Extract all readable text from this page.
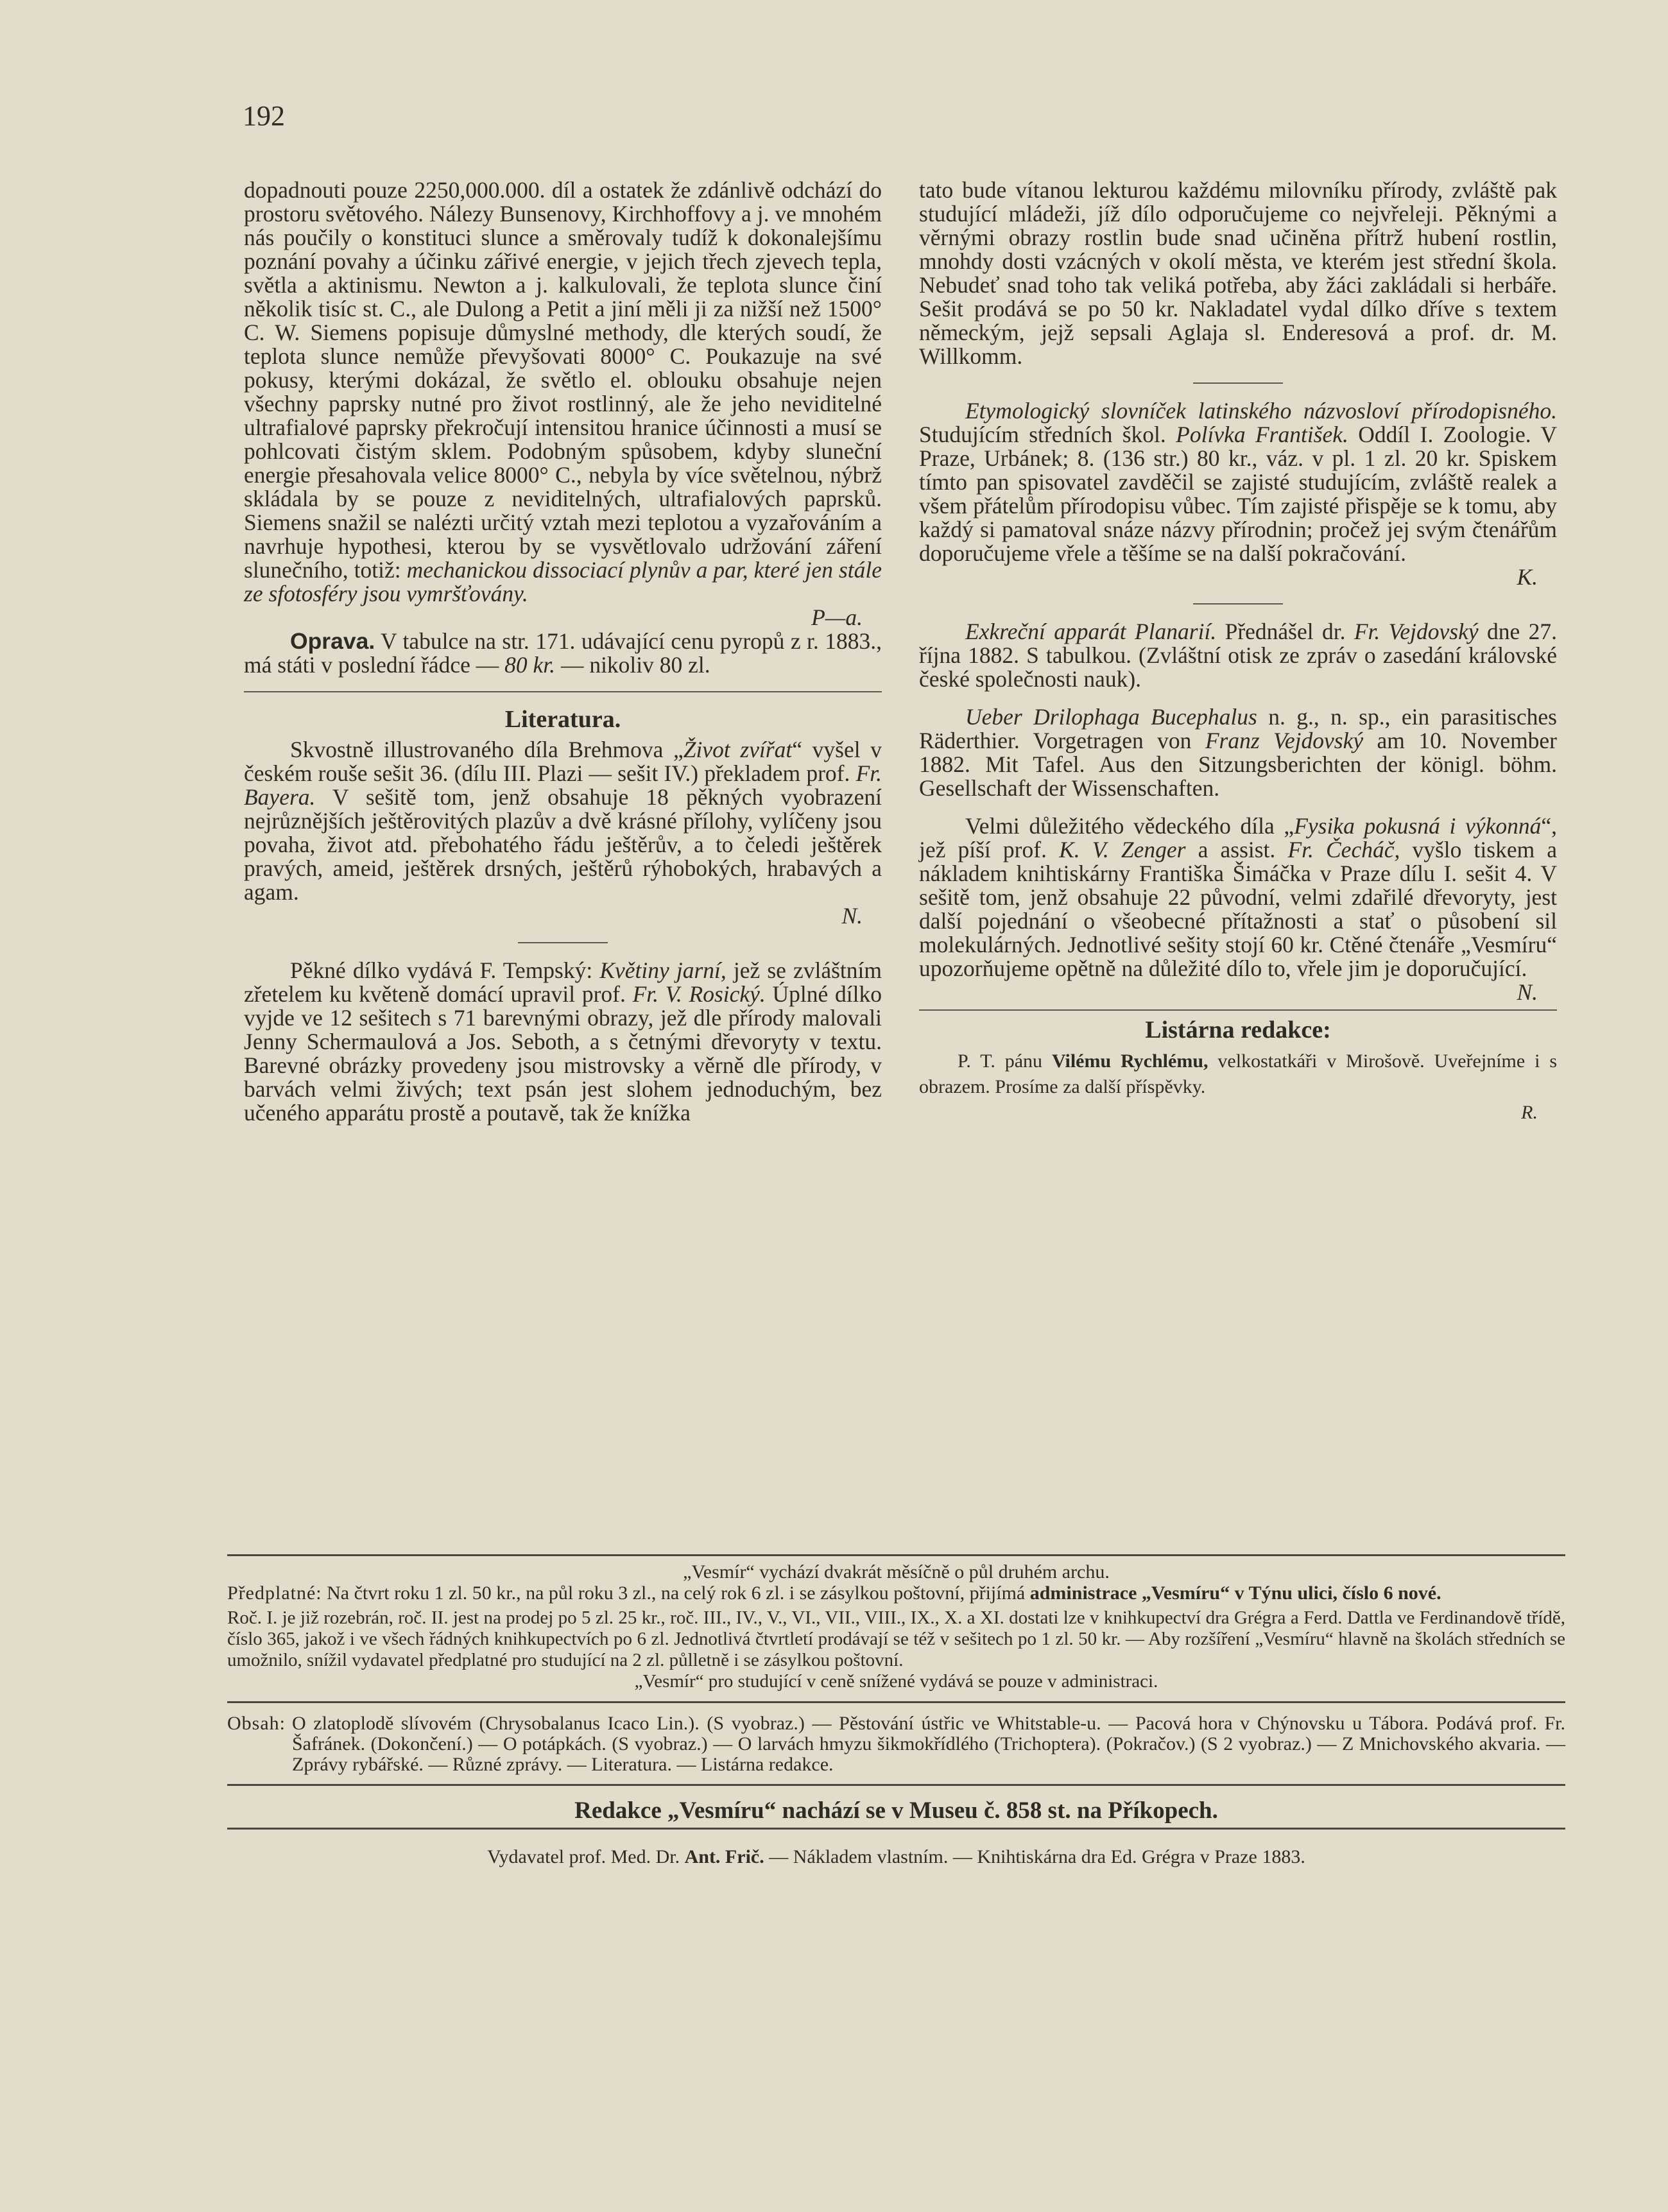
192

dopadnouti pouze 2250,000.000. díl a ostatek že zdánlivě odchází do prostoru světového. Nálezy Bunsenovy, Kirchhoffovy a j. ve mnohém nás poučily o konstituci slunce a směrovaly tudíž k dokonalejšímu poznání povahy a účinku zářivé energie, v jejich třech zjevech tepla, světla a aktinismu. Newton a j. kalkulovali, že teplota slunce činí několik tisíc st. C., ale Dulong a Petit a jiní měli ji za nižší než 1500° C. W. Siemens popisuje důmyslné methody, dle kterých soudí, že teplota slunce nemůže převyšovati 8000° C. Poukazuje na své pokusy, kterými dokázal, že světlo el. oblouku obsahuje nejen všechny paprsky nutné pro život rostlinný, ale že jeho neviditelné ultrafialové paprsky překročují intensitou hranice účinnosti a musí se pohlcovati čistým sklem. Podobným spůsobem, kdyby sluneční energie přesahovala velice 8000° C., nebyla by více světelnou, nýbrž skládala by se pouze z neviditelných, ultrafialových paprsků. Siemens snažil se nalézti určitý vztah mezi teplotou a vyzařováním a navrhuje hypothesi, kterou by se vysvětlovalo udržování záření slunečního, totiž: mechanickou dissociací plynův a par, které jen stále ze sfotosféry jsou vymršťovány.

P—a.

Oprava. V tabulce na str. 171. udávající cenu pyropů z r. 1883., má státi v poslední řádce — 80 kr. — nikoliv 80 zl.

Literatura.

Skvostně illustrovaného díla Brehmova „Život zvířat“ vyšel v českém rouše sešit 36. (dílu III. Plazi — sešit IV.) překladem prof. Fr. Bayera. V sešitě tom, jenž obsahuje 18 pěkných vyobrazení nejrůznějších ještěrovitých plazův a dvě krásné přílohy, vylíčeny jsou povaha, život atd. přebohatého řádu ještěrův, a to čeledi ještěrek pravých, ameid, ještěrek drsných, ještěrů rýhobokých, hrabavých a agam.

N.

Pěkné dílko vydává F. Tempský: Květiny jarní, jež se zvláštním zřetelem ku květeně domácí upravil prof. Fr. V. Rosický. Úplné dílko vyjde ve 12 sešitech s 71 barevnými obrazy, jež dle přírody malovali Jenny Schermaulová a Jos. Seboth, a s četnými dřevoryty v textu. Barevné obrázky provedeny jsou mistrovsky a věrně dle přírody, v barvách velmi živých; text psán jest slohem jednoduchým, bez učeného apparátu prostě a poutavě, tak že knížka

tato bude vítanou lekturou každému milovníku přírody, zvláště pak studující mládeži, jíž dílo odporučujeme co nejvřeleji. Pěknými a věrnými obrazy rostlin bude snad učiněna přítrž hubení rostlin, mnohdy dosti vzácných v okolí města, ve kterém jest střední škola. Nebudeť snad toho tak veliká potřeba, aby žáci zakládali si herbáře. Sešit prodává se po 50 kr. Nakladatel vydal dílko dříve s textem německým, jejž sepsali Aglaja sl. Enderesová a prof. dr. M. Willkomm.

Etymologický slovníček latinského názvosloví přírodopisného. Studujícím středních škol. Polívka František. Oddíl I. Zoologie. V Praze, Urbánek; 8. (136 str.) 80 kr., váz. v pl. 1 zl. 20 kr. Spiskem tímto pan spisovatel zavděčil se zajisté studujícím, zvláště realek a všem přátelům přírodopisu vůbec. Tím zajisté přispěje se k tomu, aby každý si pamatoval snáze názvy přírodnin; pročež jej svým čtenářům doporučujeme vřele a těšíme se na další pokračování.

K.

Exkreční apparát Planarií. Přednášel dr. Fr. Vejdovský dne 27. října 1882. S tabulkou. (Zvláštní otisk ze zpráv o zasedání královské české společnosti nauk).

Ueber Drilophaga Bucephalus n. g., n. sp., ein parasitisches Räderthier. Vorgetragen von Franz Vejdovský am 10. November 1882. Mit Tafel. Aus den Sitzungsberichten der königl. böhm. Gesellschaft der Wissenschaften.

Velmi důležitého vědeckého díla „Fysika pokusná i výkonná“, jež píší prof. K. V. Zenger a assist. Fr. Čecháč, vyšlo tiskem a nákladem knihtiskárny Františka Šimáčka v Praze dílu I. sešit 4. V sešitě tom, jenž obsahuje 22 původní, velmi zdařilé dřevoryty, jest další pojednání o všeobecné přítažnosti a stať o působení sil molekulárných. Jednotlivé sešity stojí 60 kr. Ctěné čtenáře „Vesmíru“ upozorňujeme opětně na důležité dílo to, vřele jim je doporučující.

N.
Listárna redakce:

P. T. pánu Vilému Rychlému, velkostatkáři v Mirošově. Uveřejníme i s obrazem. Prosíme za další příspěvky.

R.
„Vesmír“ vychází dvakrát měsíčně o půl druhém archu.
Předplatné: Na čtvrt roku 1 zl. 50 kr., na půl roku 3 zl., na celý rok 6 zl. i se zásylkou poštovní, přijímá administrace „Vesmíru“ v Týnu ulici, číslo 6 nové.
Roč. I. je již rozebrán, roč. II. jest na prodej po 5 zl. 25 kr., roč. III., IV., V., VI., VII., VIII., IX., X. a XI. dostati lze v knihkupectví dra Grégra a Ferd. Dattla ve Ferdinandově třídě, číslo 365, jakož i ve všech řádných knihkupectvích po 6 zl. Jednotlivá čtvrtletí prodávají se též v sešitech po 1 zl. 50 kr. — Aby rozšíření „Vesmíru“ hlavně na školách středních se umožnilo, snížil vydavatel předplatné pro studující na 2 zl. půlletně i se zásylkou poštovní.
„Vesmír“ pro studující v ceně snížené vydává se pouze v administraci.
Obsah: O zlatoplodě slívovém (Chrysobalanus Icaco Lin.). (S vyobraz.) — Pěstování ústřic ve Whitstable-u. — Pacová hora v Chýnovsku u Tábora. Podává prof. Fr. Šafránek. (Dokončení.) — O potápkách. (S vyobraz.) — O larvách hmyzu šikmokřídlého (Trichoptera). (Pokračov.) (S 2 vyobraz.) — Z Mnichovského akvaria. — Zprávy rybářské. — Různé zprávy. — Literatura. — Listárna redakce.
Redakce „Vesmíru“ nachází se v Museu č. 858 st. na Příkopech.
Vydavatel prof. Med. Dr. Ant. Frič. — Nákladem vlastním. — Knihtiskárna dra Ed. Grégra v Praze 1883.
